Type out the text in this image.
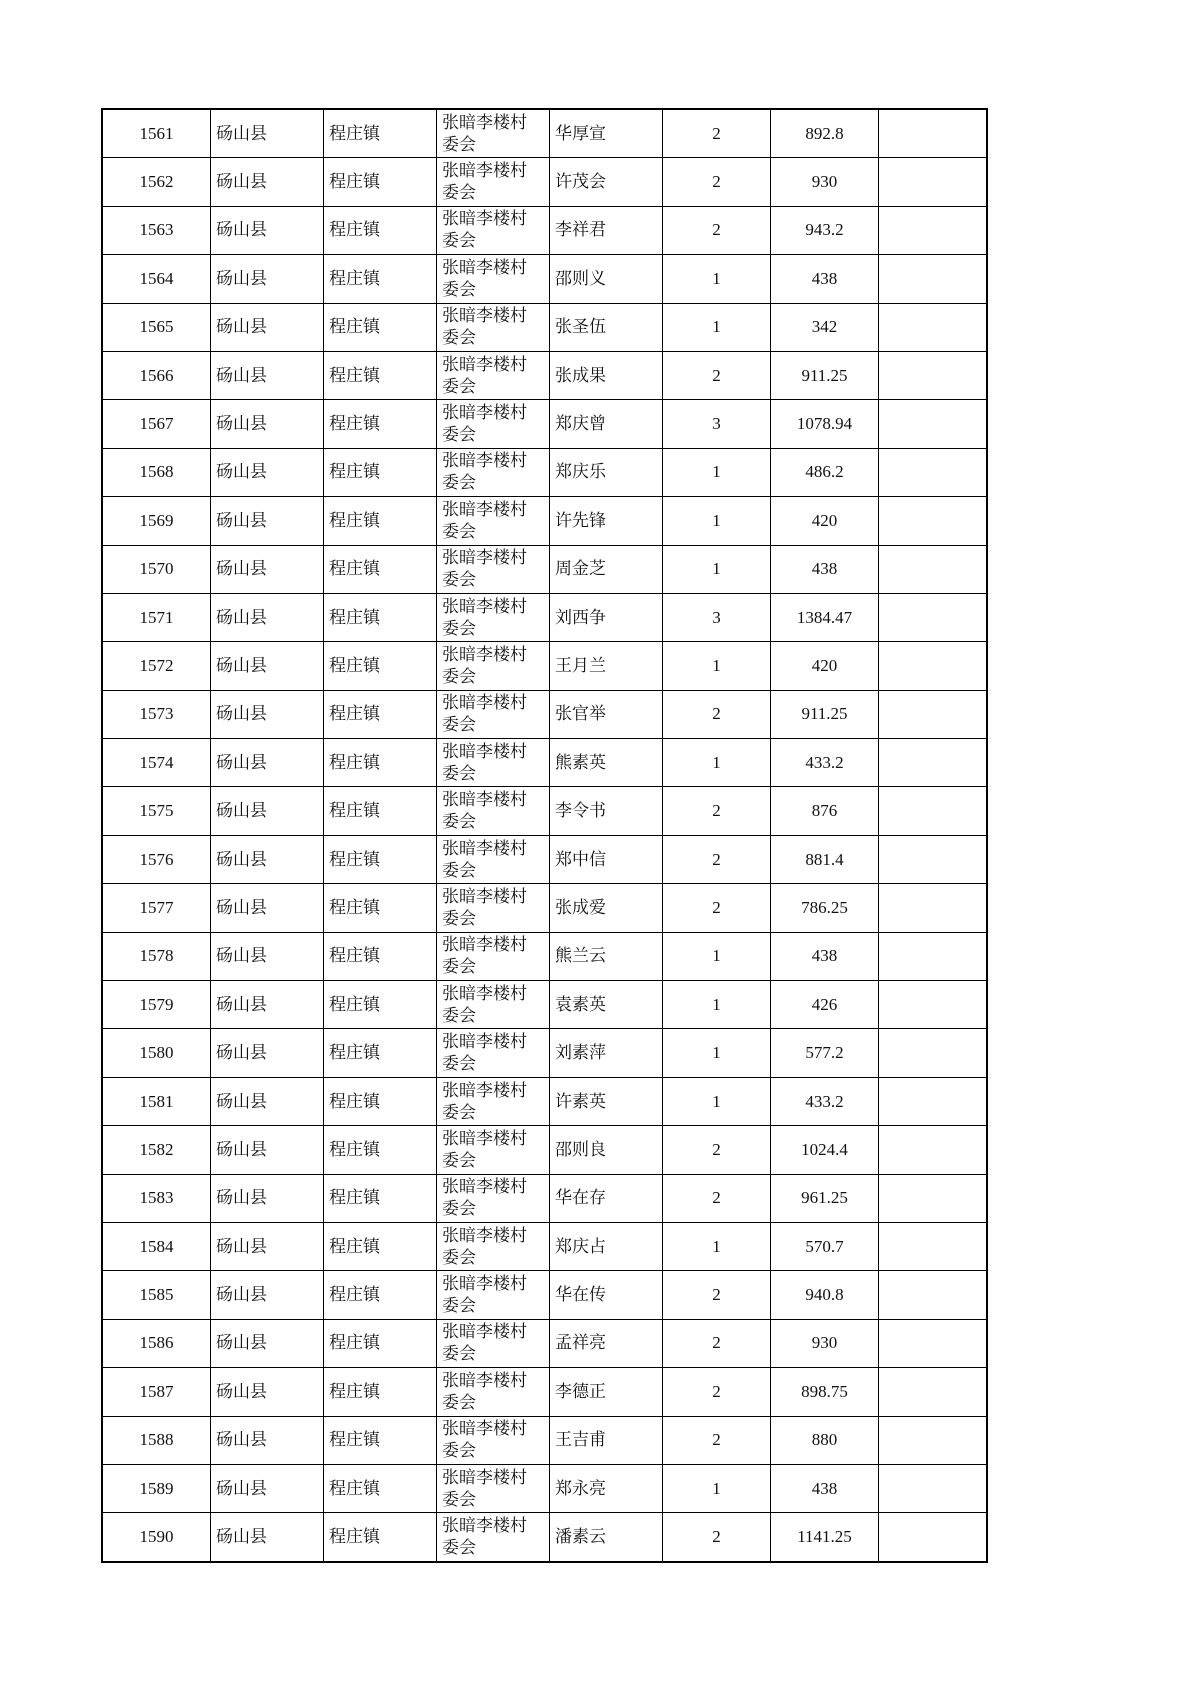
1561	砀山县	程庄镇	张暗李楼村委会	华厚宣	2	892.8	
1562	砀山县	程庄镇	张暗李楼村委会	许茂会	2	930	
1563	砀山县	程庄镇	张暗李楼村委会	李祥君	2	943.2	
1564	砀山县	程庄镇	张暗李楼村委会	邵则义	1	438	
1565	砀山县	程庄镇	张暗李楼村委会	张圣伍	1	342	
1566	砀山县	程庄镇	张暗李楼村委会	张成果	2	911.25	
1567	砀山县	程庄镇	张暗李楼村委会	郑庆曾	3	1078.94	
1568	砀山县	程庄镇	张暗李楼村委会	郑庆乐	1	486.2	
1569	砀山县	程庄镇	张暗李楼村委会	许先锋	1	420	
1570	砀山县	程庄镇	张暗李楼村委会	周金芝	1	438	
1571	砀山县	程庄镇	张暗李楼村委会	刘西争	3	1384.47	
1572	砀山县	程庄镇	张暗李楼村委会	王月兰	1	420	
1573	砀山县	程庄镇	张暗李楼村委会	张官举	2	911.25	
1574	砀山县	程庄镇	张暗李楼村委会	熊素英	1	433.2	
1575	砀山县	程庄镇	张暗李楼村委会	李令书	2	876	
1576	砀山县	程庄镇	张暗李楼村委会	郑中信	2	881.4	
1577	砀山县	程庄镇	张暗李楼村委会	张成爱	2	786.25	
1578	砀山县	程庄镇	张暗李楼村委会	熊兰云	1	438	
1579	砀山县	程庄镇	张暗李楼村委会	袁素英	1	426	
1580	砀山县	程庄镇	张暗李楼村委会	刘素萍	1	577.2	
1581	砀山县	程庄镇	张暗李楼村委会	许素英	1	433.2	
1582	砀山县	程庄镇	张暗李楼村委会	邵则良	2	1024.4	
1583	砀山县	程庄镇	张暗李楼村委会	华在存	2	961.25	
1584	砀山县	程庄镇	张暗李楼村委会	郑庆占	1	570.7	
1585	砀山县	程庄镇	张暗李楼村委会	华在传	2	940.8	
1586	砀山县	程庄镇	张暗李楼村委会	孟祥亮	2	930	
1587	砀山县	程庄镇	张暗李楼村委会	李德正	2	898.75	
1588	砀山县	程庄镇	张暗李楼村委会	王吉甫	2	880	
1589	砀山县	程庄镇	张暗李楼村委会	郑永亮	1	438	
1590	砀山县	程庄镇	张暗李楼村委会	潘素云	2	1141.25	
